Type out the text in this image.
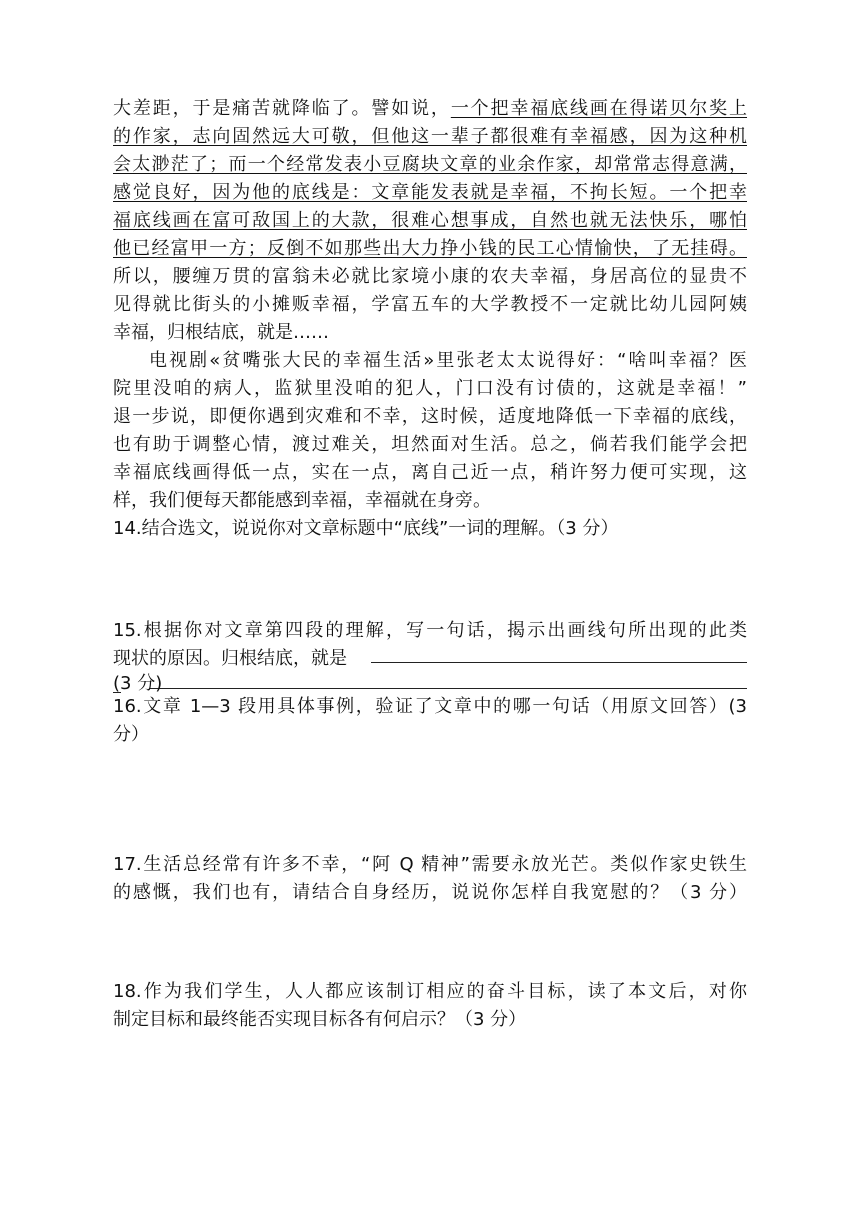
大差距，于是痛苦就降临了。譬如说，一个把幸福底线画在得诺贝尔奖上
的作家，志向固然远大可敬，但他这一辈子都很难有幸福感，因为这种机
会太渺茫了；而一个经常发表小豆腐块文章的业余作家，却常常志得意满，
感觉良好，因为他的底线是：文章能发表就是幸福，不拘长短。一个把幸
福底线画在富可敌国上的大款，很难心想事成，自然也就无法快乐，哪怕
他已经富甲一方；反倒不如那些出大力挣小钱的民工心情愉快，了无挂碍。
所以，腰缠万贯的富翁未必就比家境小康的农夫幸福，身居高位的显贵不
见得就比街头的小摊贩幸福，学富五车的大学教授不一定就比幼儿园阿姨
幸福，归根结底，就是……
电视剧«贫嘴张大民的幸福生活»里张老太太说得好：“啥叫幸福？医
院里没咱的病人，监狱里没咱的犯人，门口没有讨债的，这就是幸福！”
退一步说，即便你遇到灾难和不幸，这时候，适度地降低一下幸福的底线，
也有助于调整心情，渡过难关，坦然面对生活。总之，倘若我们能学会把
幸福底线画得低一点，实在一点，离自己近一点，稍许努力便可实现，这
样，我们便每天都能感到幸福，幸福就在身旁。
14.结合选文，说说你对文章标题中“底线”一词的理解。（3 分）
15.根据你对文章第四段的理解，写一句话，揭示出画线句所出现的此类
现状的原因。归根结底，就是
(3 分)
16.文章 1—3 段用具体事例，验证了文章中的哪一句话（用原文回答）(3
分）
17.生活总经常有许多不幸，“阿 Q 精神”需要永放光芒。类似作家史铁生
的感慨，我们也有，请结合自身经历，说说你怎样自我宽慰的？（3 分）
18.作为我们学生，人人都应该制订相应的奋斗目标，读了本文后，对你
制定目标和最终能否实现目标各有何启示？（3 分）
